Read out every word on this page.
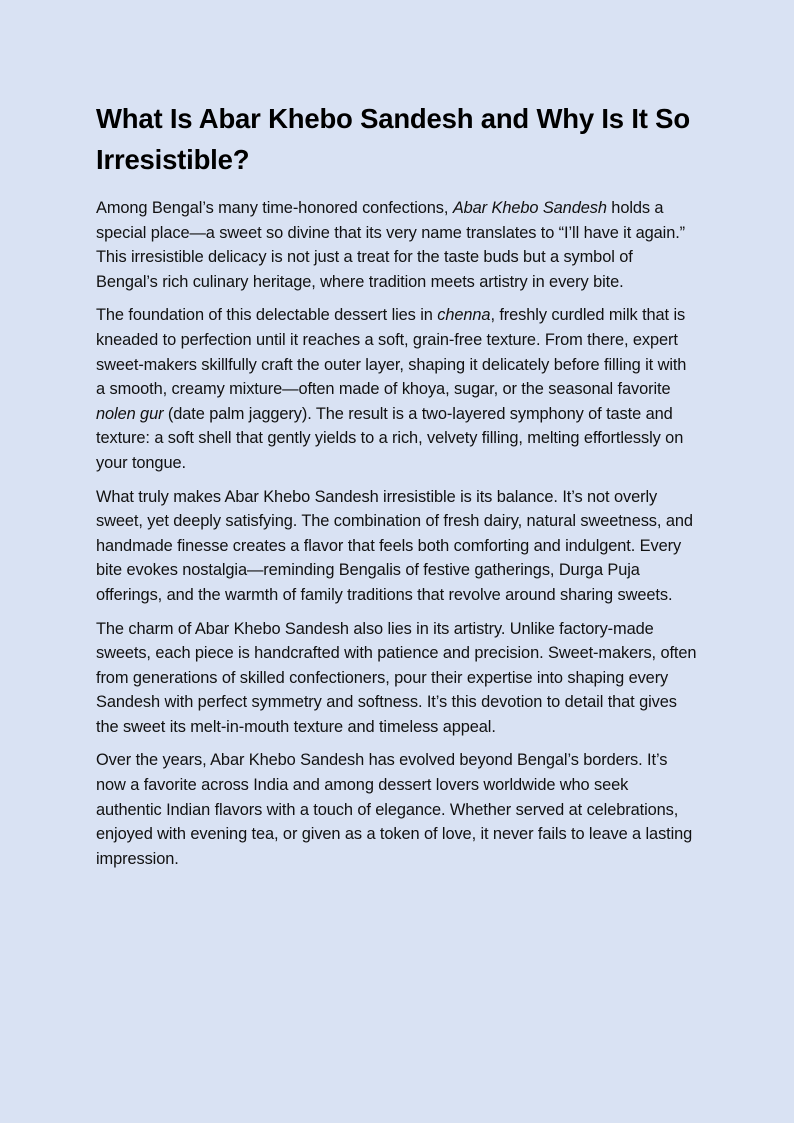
What Is Abar Khebo Sandesh and Why Is It So Irresistible?

Among Bengal’s many time-honored confections, Abar Khebo Sandesh holds a special place—a sweet so divine that its very name translates to “I’ll have it again.” This irresistible delicacy is not just a treat for the taste buds but a symbol of Bengal’s rich culinary heritage, where tradition meets artistry in every bite.

The foundation of this delectable dessert lies in chenna, freshly curdled milk that is kneaded to perfection until it reaches a soft, grain-free texture. From there, expert sweet-makers skillfully craft the outer layer, shaping it delicately before filling it with a smooth, creamy mixture—often made of khoya, sugar, or the seasonal favorite nolen gur (date palm jaggery). The result is a two-layered symphony of taste and texture: a soft shell that gently yields to a rich, velvety filling, melting effortlessly on your tongue.

What truly makes Abar Khebo Sandesh irresistible is its balance. It’s not overly sweet, yet deeply satisfying. The combination of fresh dairy, natural sweetness, and handmade finesse creates a flavor that feels both comforting and indulgent. Every bite evokes nostalgia—reminding Bengalis of festive gatherings, Durga Puja offerings, and the warmth of family traditions that revolve around sharing sweets.

The charm of Abar Khebo Sandesh also lies in its artistry. Unlike factory-made sweets, each piece is handcrafted with patience and precision. Sweet-makers, often from generations of skilled confectioners, pour their expertise into shaping every Sandesh with perfect symmetry and softness. It’s this devotion to detail that gives the sweet its melt-in-mouth texture and timeless appeal.

Over the years, Abar Khebo Sandesh has evolved beyond Bengal’s borders. It’s now a favorite across India and among dessert lovers worldwide who seek authentic Indian flavors with a touch of elegance. Whether served at celebrations, enjoyed with evening tea, or given as a token of love, it never fails to leave a lasting impression.
